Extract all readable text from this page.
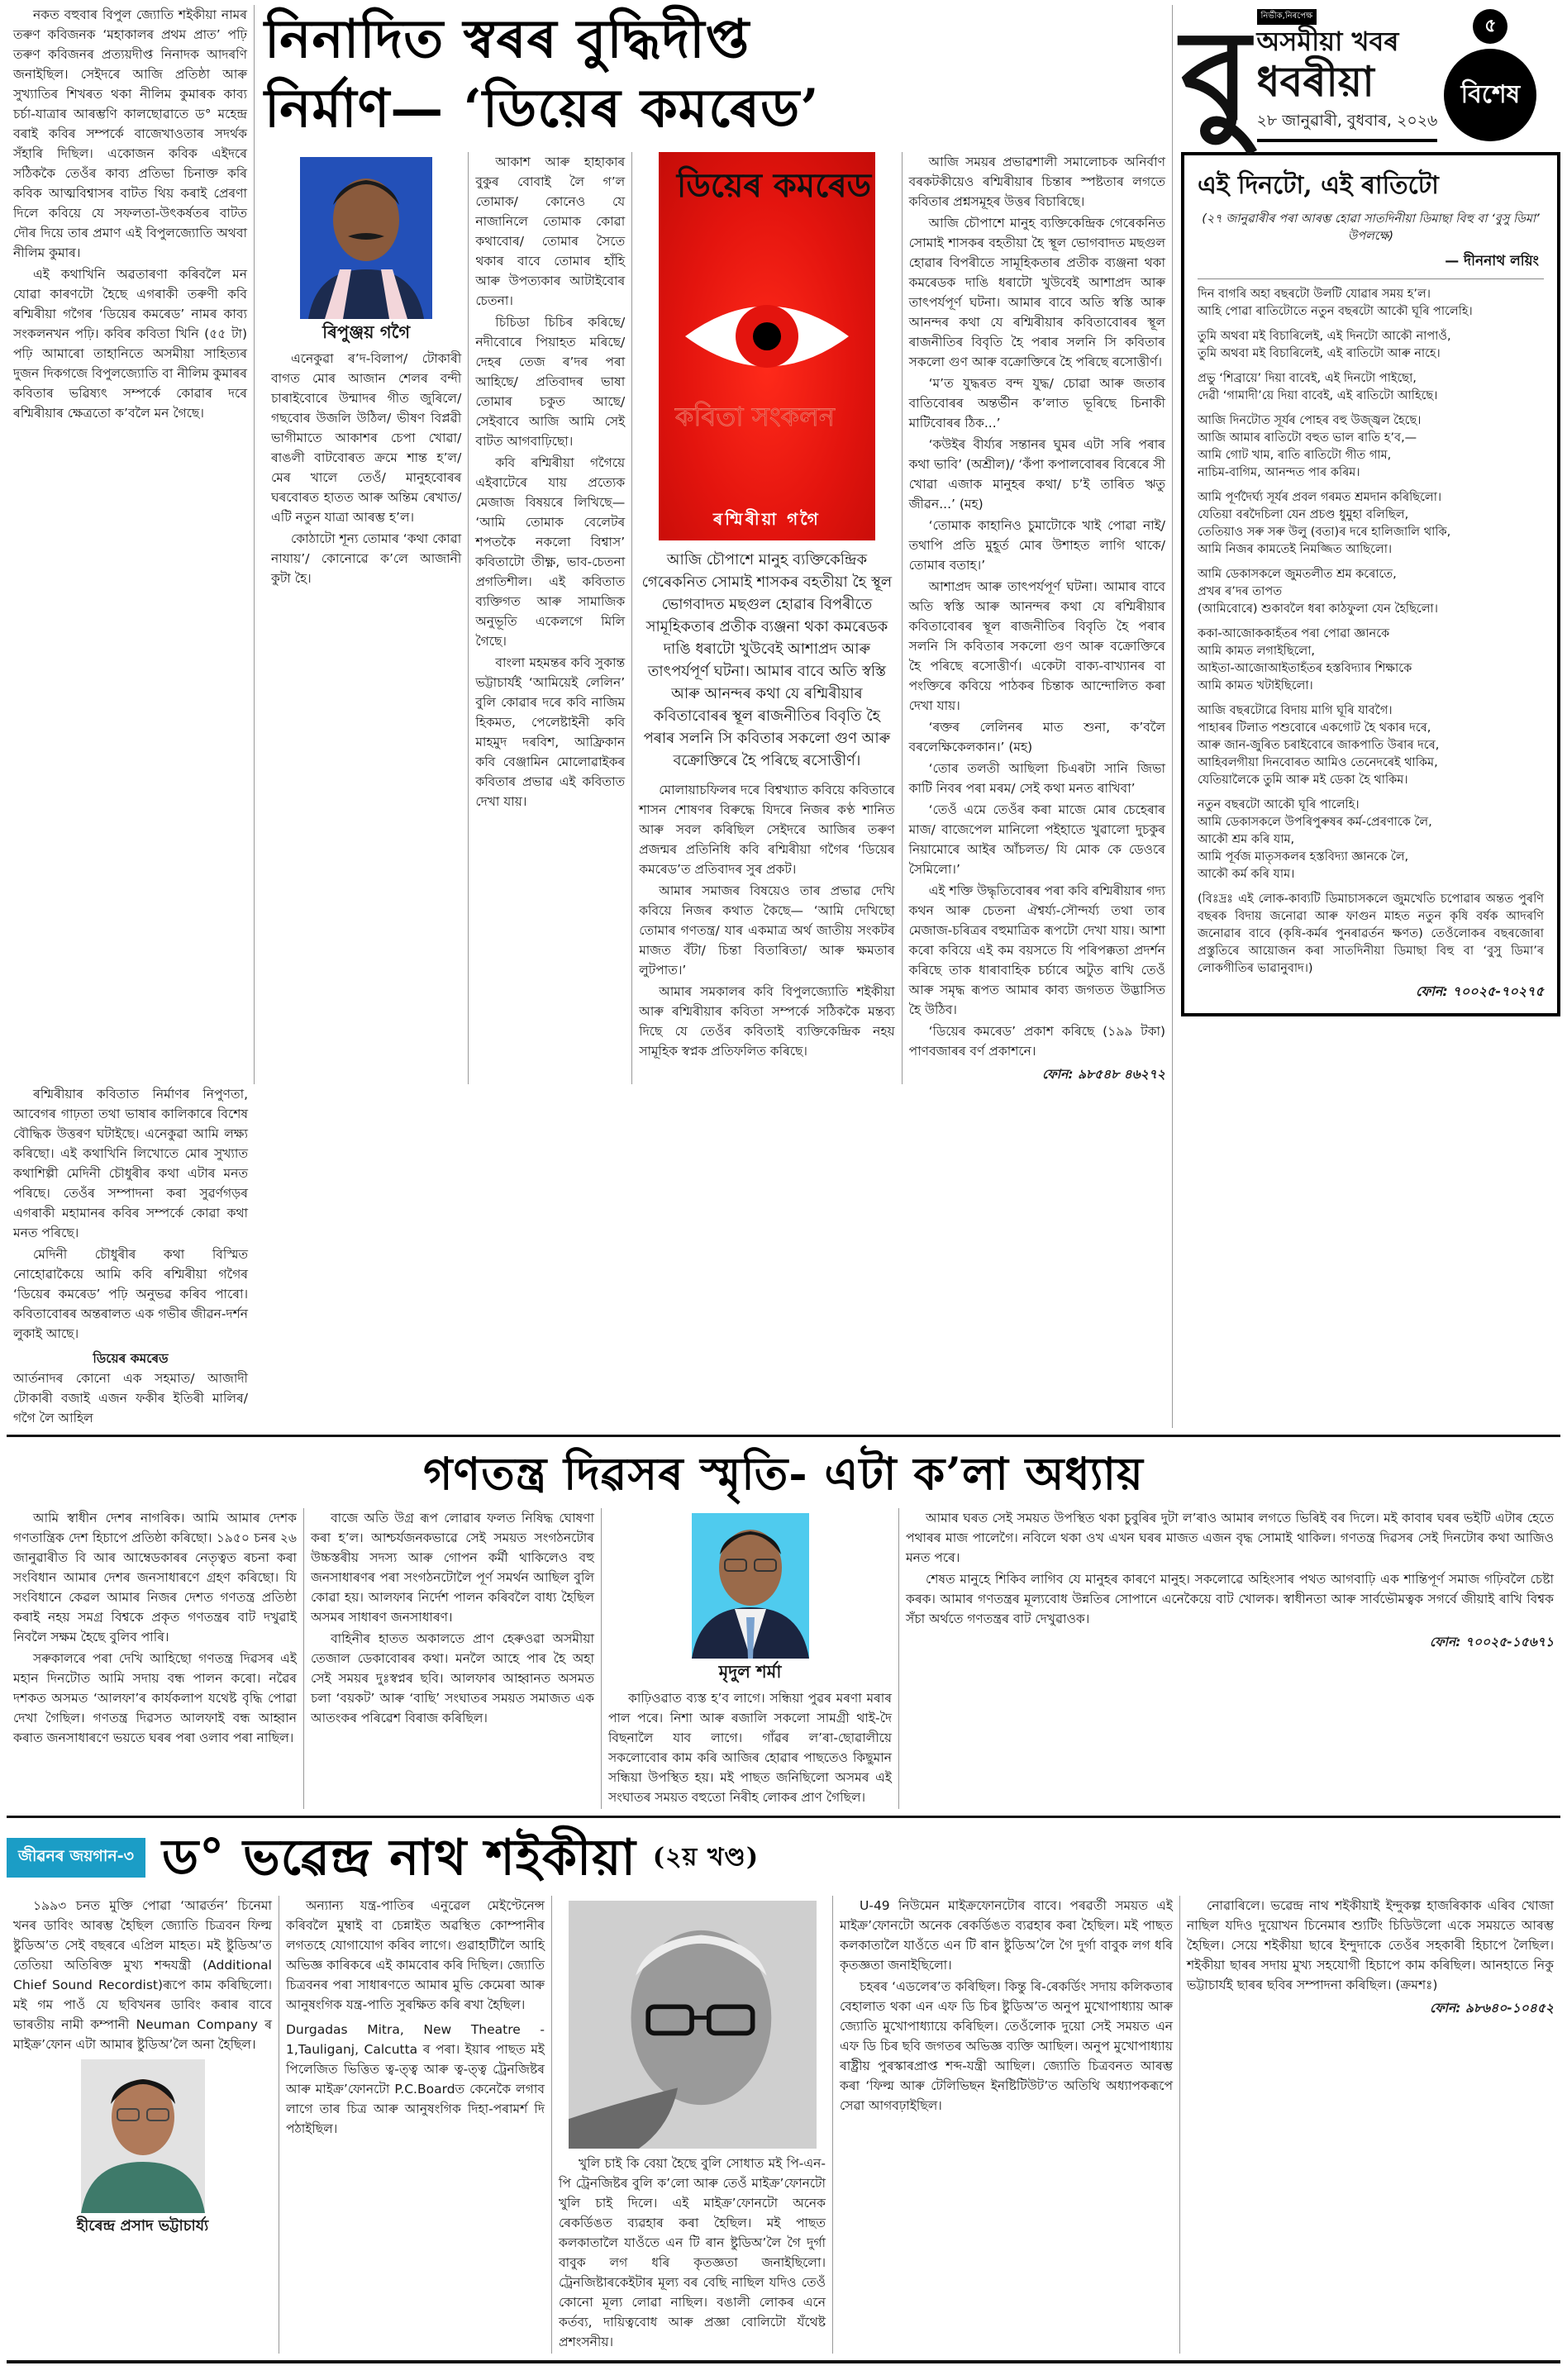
নকত বহুবাৰ বিপুল জ্যোতি শইকীয়া নামৰ তৰুণ কবিজনক ‘মহাকালৰ প্ৰথম প্ৰাত’ পঢ়ি তৰুণ কবিজনৰ প্ৰত্যয়দীপ্ত নিনাদক আদৰণি জনাইছিল। সেইদৰে আজি প্ৰতিষ্ঠা আৰু সুখ্যাতিৰ শিখৰত থকা নীলিম কুমাৰক কাব্য চৰ্চা-যাত্ৰাৰ আৰম্ভণি কালছোৱাতে ড° মহেন্দ্ৰ বৰাই কবিৰ সম্পৰ্কে বাজেখাওতাৰ সদৰ্থক সঁহাৰি দিছিল। একোজন কবিক এইদৰে সঠিককৈ তেওঁৰ কাব্য প্ৰতিভা চিনাক্ত কৰি কবিক আত্মবিশ্বাসৰ বাটত থিয় কৰাই প্ৰেৰণা দিলে কবিয়ে যে সফলতা-উৎকৰ্ষতৰ বাটত দৌৰ দিয়ে তাৰ প্ৰমাণ এই বিপুলজ্যোতি অথবা নীলিম কুমাৰ।

এই কথাখিনি অৱতাৰণা কৰিবলৈ মন যোৱা কাৰণটো হৈছে এগৰাকী তৰুণী কবি ৰশ্মিৰীয়া গগৈৰ ‘ডিয়েৰ কমৰেড’ নামৰ কাব্য সংকলনখন পঢ়ি। কবিৰ কবিতা খিনি (৫৫ টা) পঢ়ি আমাৰো তাহানিতে অসমীয়া সাহিত্যৰ দুজন দিকগজে বিপুলজ্যোতি বা নীলিম কুমাৰৰ কবিতাৰ ভৱিষ্যৎ সম্পৰ্কে কোৱাৰ দৰে ৰশ্মিৰীয়াৰ ক্ষেত্ৰতো ক’বলৈ মন গৈছে।

নিনাদিত স্বৰৰ বুদ্ধিদীপ্ত
নিৰ্মাণ— ‘ডিয়েৰ কমৰেড’
ৰিপুঞ্জয় গগৈ

এনেকুৱা ৰ’দ-বিলাপ/ টোকাৰী বাগত মোৰ আজান শেলৰ বন্দী চাৰাইবোৰে উন্মাদৰ গীত জুৰিলে/ গছবোৰ উজলি উঠিল/ ভীষণ বিপ্লৱী ভাগীমাতে আকাশৰ চেপা খোৱা/ ৰাঙলী বাটবোৰত ক্ৰমে শান্ত হ’ল/ মেৰ খালে তেওঁ/ মানুহবোৰৰ ঘৰবোৰত হাতত আৰু অন্তিম ৰেখাত/ এটি নতুন যাত্ৰা আৰম্ভ হ’ল।

কোঠাটো শূন্য তোমাৰ ‘কথা কোৱা নাযায়’/ কোনোৱে ক’লে আজানী কুটা হৈ।

আকাশ আৰু হাহাকাৰ বুকুৰ বোবাই লৈ গ’ল তোমাক/ কোনেও যে নাজানিলে তোমাক কোৱা কথাবোৰ/ তোমাৰ সৈতে থকাৰ বাবে তোমাৰ হাঁহি আৰু উপত্যকাৰ আটাইবোৰ চেতনা।

চিচিডা চিচিৰ কৰিছে/ নদীবোৰে পিয়াহত মৰিছে/ দেহৰ তেজ ৰ’দৰ পৰা আহিছে/ প্ৰতিবাদৰ ভাষা তোমাৰ চকুত আছে/ সেইবাবে আজি আমি সেই বাটত আগবাঢ়িছো।

কবি ৰশ্মিৰীয়া গগৈয়ে এইবাটেৰে যায় প্ৰত্যেক মেজাজ বিষয়ৰে লিখিছে— ‘আমি তোমাক বেলেটৰ শপতকৈ নকলো বিশ্বাস’ কবিতাটো তীক্ষ্ণ, ভাব-চেতনা প্ৰগতিশীল। এই কবিতাত ব্যক্তিগত আৰু সামাজিক অনুভূতি একেলগে মিলি গৈছে।

বাংলা মহমন্তৰ কবি সুকান্ত ভট্টাচাৰ্যই ‘আমিয়েই লেলিন’ বুলি কোৱাৰ দৰে কবি নাজিম হিকমত, পেলেষ্টাইনী কবি মাহমুদ দৰবিশ, আফ্ৰিকান কবি বেঞ্জামিন মোলোৱাইকৰ কবিতাৰ প্ৰভাৱ এই কবিতাত দেখা যায়।

ডিয়েৰ কমৰেড
কবিতা সংকলন
ৰশ্মিৰীয়া গগৈ
আজি চৌপাশে মানুহ ব্যক্তিকেন্দ্ৰিক গেৰেকনিত সোমাই শাসকৰ বহতীয়া হৈ স্থূল ভোগবাদত মছগুল হোৱাৰ বিপৰীতে সামূহিকতাৰ প্ৰতীক ব্যঞ্জনা থকা কমৰেডক দাঙি ধৰাটো খুউবেই আশাপ্ৰদ আৰু তাৎপৰ্যপূৰ্ণ ঘটনা। আমাৰ বাবে অতি স্বস্তি আৰু আনন্দৰ কথা যে ৰশ্মিৰীয়াৰ কবিতাবোৰৰ স্থূল ৰাজনীতিৰ বিবৃতি হৈ পৰাৰ সলনি সি কবিতাৰ সকলো গুণ আৰু বক্ৰোক্তিৰে হৈ পৰিছে ৰসোত্তীৰ্ণ।

মোলায়াচফিলৰ দৰে বিশ্বখ্যাত কবিয়ে কবিতাৰে শাসন শোষণৰ বিৰুদ্ধে যিদৰে নিজৰ কণ্ঠ শানিত আৰু সবল কৰিছিল সেইদৰে আজিৰ তৰুণ প্ৰজন্মৰ প্ৰতিনিধি কবি ৰশ্মিৰীয়া গগৈৰ ‘ডিয়েৰ কমৰেড’ত প্ৰতিবাদৰ সুৰ প্ৰকট।

আমাৰ সমাজৰ বিষয়েও তাৰ প্ৰভাৱ দেখি কবিয়ে নিজৰ কথাত কৈছে— ‘আমি দেখিছো তোমাৰ গণতন্ত্ৰ/ যাৰ একমাত্ৰ অৰ্থ জাতীয় সংকটৰ মাজত বঁটা/ চিন্তা বিতাৰিতা/ আৰু ক্ষমতাৰ লুটপাত।’

আমাৰ সমকালৰ কবি বিপুলজ্যোতি শইকীয়া আৰু ৰশ্মিৰীয়াৰ কবিতা সম্পৰ্কে সঠিককৈ মন্তব্য দিছে যে তেওঁৰ কবিতাই ব্যক্তিকেন্দ্ৰিক নহয় সামূহিক স্বপ্নক প্ৰতিফলিত কৰিছে।

আজি সময়ৰ প্ৰভাৱশালী সমালোচক অনিৰ্বাণ বৰকটকীয়েও ৰশ্মিৰীয়াৰ চিন্তাৰ স্পষ্টতাৰ লগতে কবিতাৰ প্ৰশ্নসমূহৰ উত্তৰ বিচাৰিছে।

আজি চৌপাশে মানুহ ব্যক্তিকেন্দ্ৰিক গেৰেকনিত সোমাই শাসকৰ বহতীয়া হৈ স্থূল ভোগবাদত মছগুল হোৱাৰ বিপৰীতে সামূহিকতাৰ প্ৰতীক ব্যঞ্জনা থকা কমৰেডক দাঙি ধৰাটো খুউবেই আশাপ্ৰদ আৰু তাৎপৰ্যপূৰ্ণ ঘটনা। আমাৰ বাবে অতি স্বস্তি আৰু আনন্দৰ কথা যে ৰশ্মিৰীয়াৰ কবিতাবোৰৰ স্থূল ৰাজনীতিৰ বিবৃতি হৈ পৰাৰ সলনি সি কবিতাৰ সকলো গুণ আৰু বক্ৰোক্তিৰে হৈ পৰিছে ৰসোত্তীৰ্ণ।

‘ম’ত যুদ্ধৰত বন্দ যুদ্ধ/ চোৱা আৰু জতাৰ বাতিবোৰৰ অন্তৰ্ভীন ক’লাত ভূৰিছে চিনাকী মাটিবোৰৰ ঠিক...’

‘কউইৰ বীৰ্য্যৰ সন্তানৰ ঘুমৰ এটা সৰি পৰাৰ কথা ভাবি’ (অশ্ৰীল)/ ‘কঁপা কপালবোৰৰ বিৰেৰে সী খোৱা এজাক মানুহৰ কথা/ চ’ই তাৰিত ঋতু জীৱন...’ (মহ)

‘তোমাক কাহানিও চুমাটোকে খাই পোৱা নাই/ তথাপি প্ৰতি মুহূৰ্ত মোৰ উশাহত লাগি থাকে/ তোমাৰ বতাহ।’

আশাপ্ৰদ আৰু তাৎপৰ্যপূৰ্ণ ঘটনা। আমাৰ বাবে অতি স্বস্তি আৰু আনন্দৰ কথা যে ৰশ্মিৰীয়াৰ কবিতাবোৰৰ স্থূল ৰাজনীতিৰ বিবৃতি হৈ পৰাৰ সলনি সি কবিতাৰ সকলো গুণ আৰু বক্ৰোক্তিৰে হৈ পৰিছে ৰসোত্তীৰ্ণ। একেটা বাক্য-বাখ্যানৰ বা পংক্তিৰে কবিয়ে পাঠকৰ চিন্তাক আন্দোলিত কৰা দেখা যায়।

‘ৰক্তৰ লেলিনৰ মাত শুনা, ক’বলৈ বৰলেক্ষিকেলকান।’ (মহ)

‘তোৰ তলতী আছিলা চিএৰটা সানি জিভা কাটি নিবৰ পৰা মৰম/ সেই কথা মনত ৰাখিবা’

‘তেওঁ এমে তেওঁৰ কৰা মাজে মোৰ চেহেৰাৰ মাজ/ বাজেপেল মানিলো পইহাতে খুৱালো দুচকুৰ নিয়ামোৰে আইৰ আঁচলত/ যি মোক কে ডেওৰে সৈমিলো।’

এই শক্তি উদ্ধৃতিবোৰৰ পৰা কবি ৰশ্মিৰীয়াৰ গদ্য কথন আৰু চেতনা ঐশ্বৰ্য্য-সৌন্দৰ্য্য তথা তাৰ মেজাজ-চৰিত্ৰৰ বহুমাত্ৰিক ৰূপটো দেখা যায়। আশা কৰো কবিয়ে এই কম বয়সতে যি পৰিপক্কতা প্ৰদৰ্শন কৰিছে তাক ধাৰাবাহিক চৰ্চাৰে অটুত ৰাখি তেওঁ আৰু সমৃদ্ধ ৰূপত আমাৰ কাব্য জগতত উদ্ভাসিত হৈ উঠিব।

‘ডিয়েৰ কমৰেড’ প্ৰকাশ কৰিছে (১৯৯ টকা) পাণবজাৰৰ বৰ্ণ প্ৰকাশনে।

ফোন: ৯৮৫৪৮ ৪৬২৭২

ৰশ্মিৰীয়াৰ কবিতাত নিৰ্মাণৰ নিপুণতা, আবেগৰ গাঢ়তা তথা ভাষাৰ কালিকাৰে বিশেষ বৌদ্ধিক উত্তৰণ ঘটাইছে। এনেকুৱা আমি লক্ষ্য কৰিছো। এই কথাখিনি লিখোতে মোৰ সুখ্যাত কথাশিল্পী মেদিনী চৌধুৰীৰ কথা এটাৰ মনত পৰিছে। তেওঁৰ সম্পাদনা কৰা সুৱৰ্ণগড়ৰ এগৰাকী মহামানৰ কবিৰ সম্পৰ্কে কোৱা কথা মনত পৰিছে।

মেদিনী চৌধুৰীৰ কথা বিস্মিত নোহোৱাকৈয়ে আমি কবি ৰশ্মিৰীয়া গগৈৰ ‘ডিয়েৰ কমৰেড’ পঢ়ি অনুভৱ কৰিব পাৰো। কবিতাবোৰৰ অন্তৰালত এক গভীৰ জীৱন-দৰ্শন লুকাই আছে।

ডিয়েৰ কমৰেড
আৰ্তনাদৰ কোনো এক সহমাত/ আজাদী টোকাৰী বজাই এজন ফকীৰ ইতিৰী মালিৰ/ গগৈ লৈ আহিল
বু	নিৰ্ভীক,নিৰপেক্ষ
অসমীয়া খবৰ
ধবৰীয়া
২৮ জানুৱাৰী, বুধবাৰ, ২০২৬
৫
বিশেষ
এই দিনটো, এই ৰাতিটো
(২৭ জানুৱাৰীৰ পৰা আৰম্ভ হোৱা সাতদিনীয়া ডিমাছা বিহু বা ‘বুসু ডিমা’ উপলক্ষে)
— দীননাথ লয়িং
দিন বাগৰি অহা বছৰটো উলটি যোৱাৰ সময় হ’ল।
আহি পোৱা ৰাতিটোতে নতুন বছৰটো আকৌ ঘূৰি পালেহি।
তুমি অথবা মই বিচাৰিলেই, এই দিনটো আকৌ নাপাওঁ,
তুমি অথবা মই বিচাৰিলেই, এই ৰাতিটো আৰু নাহে।
প্ৰভু ‘শিব্ৰায়ে’ দিয়া বাবেই, এই দিনটো পাইছো,
দেৱী ‘গামাদী’য়ে দিয়া বাবেই, এই ৰাতিটো আহিছে।
আজি দিনটোত সূৰ্যৰ পোহৰ বহু উজ্জ্বল হৈছে।
আজি আমাৰ ৰাতিটো বহুত ভাল ৰাতি হ’ব,—
আমি গোট খাম, ৰাতি ৰাতিটো গীত গাম,
নাচিম-বাগিম, আনন্দত পাৰ কৰিম।
আমি পূৰ্ণদৈৰ্ঘ্য সূৰ্যৰ প্ৰবল গৰমত শ্ৰমদান কৰিছিলো।
যেতিয়া বৰদৈচিলা যেন প্ৰচণ্ড ধুমুহা বলিছিল,
তেতিয়াও সৰু সৰু উলু (বতা)ৰ দৰে হালিজালি থাকি,
আমি নিজৰ কামতেই নিমজ্জিত আছিলো।
আমি ডেকাসকলে জুমতলীত শ্ৰম কৰোতে,
প্ৰখৰ ৰ’দৰ তাপত
(আমিবোৰে) শুকাবলৈ ধৰা কাঠফুলা যেন হৈছিলো।
ককা-আজোককাহঁতৰ পৰা পোৱা জ্ঞানকে
আমি কামত লগাইছিলো,
আইতা-আজোআইতাহঁতৰ হস্তবিদ্যাৰ শিক্ষাকে
আমি কামত খটাইছিলো।
আজি বছৰটোৱে বিদায় মাগি ঘূৰি যাবগৈ।
পাহাৰৰ টিলাত পশুবোৰে একগোট হৈ থকাৰ দৰে,
আৰু জান-জুৰিত চৰাইবোৰে জাকপাতি উৰাৰ দৰে,
আহিবলগীয়া দিনবোৰত আমিও তেনেদৰেই থাকিম,
যেতিয়ালৈকে তুমি আৰু মই ডেকা হৈ থাকিম।
নতুন বছৰটো আকৌ ঘূৰি পালেহি।
আমি ডেকাসকলে উপৰিপুৰুষৰ কৰ্ম-প্ৰেৰণাকে লৈ,
আকৌ শ্ৰম কৰি যাম,
আমি পূৰ্বজ মাতৃসকলৰ হস্তবিদ্যা জ্ঞানকে লৈ,
আকৌ কৰ্ম কৰি যাম।
(বিঃদ্ৰঃ এই লোক-কাব্যটি ডিমাচাসকলে জুমখেতি চপোৱাৰ অন্তত পুৰণি বছৰক বিদায় জনোৱা আৰু ফাগুন মাহত নতুন কৃষি বৰ্ষক আদৰণি জনোৱাৰ বাবে (কৃষি-কৰ্মৰ পুনৰাৱৰ্তন ক্ষণত) তেওঁলোকৰ বছৰজোৰা প্ৰস্তুতিৰে আয়োজন কৰা সাতদিনীয়া ডিমাছা বিহু বা ‘বুসু ডিমা’ৰ লোকগীতিৰ ভাৱানুবাদ।)
ফোন: ৭০০২৫-৭০২৭৫
গণতন্ত্ৰ দিৱসৰ স্মৃতি- এটা ক’লা অধ্যায়

আমি স্বাধীন দেশৰ নাগৰিক। আমি আমাৰ দেশক গণতান্ত্ৰিক দেশ হিচাপে প্ৰতিষ্ঠা কৰিছো। ১৯৫০ চনৰ ২৬ জানুৱাৰীত বি আৰ আম্বেডকাৰৰ নেতৃত্বত ৰচনা কৰা সংবিধান আমাৰ দেশৰ জনসাধাৰণে গ্ৰহণ কৰিছো। যি সংবিধানে কেৱল আমাৰ নিজৰ দেশত গণতন্ত্ৰ প্ৰতিষ্ঠা কৰাই নহয় সমগ্ৰ বিশ্বকে প্ৰকৃত গণতন্ত্ৰৰ বাট দখুৱাই নিবলৈ সক্ষম হৈছে বুলিব পাৰি।

সৰুকালৰে পৰা দেখি আহিছো গণতন্ত্ৰ দিৱসৰ এই মহান দিনটোত আমি সদায় বন্ধ পালন কৰো। নৱৈৰ দশকত অসমত ‘আলফা’ৰ কাৰ্যকলাপ যথেষ্ট বৃদ্ধি পোৱা দেখা গৈছিল। গণতন্ত্ৰ দিৱসত আলফাই বন্ধ আহ্বান কৰাত জনসাধাৰণে ভয়তে ঘৰৰ পৰা ওলাব পৰা নাছিল।

বাজে অতি উগ্ৰ ৰূপ লোৱাৰ ফলত নিষিদ্ধ ঘোষণা কৰা হ’ল। আশ্চৰ্যজনকভাৱে সেই সময়ত সংগঠনটোৰ উচ্চস্তৰীয় সদস্য আৰু গোপন কৰ্মী থাকিলেও বহু জনসাধাৰণৰ পৰা সংগঠনটোলৈ পূৰ্ণ সমৰ্থন আছিল বুলি কোৱা হয়। আলফাৰ নিৰ্দেশ পালন কৰিবলৈ বাধ্য হৈছিল অসমৰ সাধাৰণ জনসাধাৰণ।

বাহিনীৰ হাতত অকালতে প্ৰাণ হেৰুওৱা অসমীয়া তেজাল ডেকাবোৰৰ কথা। মনলৈ আহে পাৰ হৈ অহা সেই সময়ৰ দুঃস্বপ্নৰ ছবি। আলফাৰ আহ্বানত অসমত চলা ‘বয়কট’ আৰু ‘বাছি’ সংঘাতৰ সময়ত সমাজত এক আতংকৰ পৰিৱেশ বিৰাজ কৰিছিল।

মৃদুল শৰ্মা

কাঢ়িওৱাত ব্যস্ত হ’ব লাগে। সন্ধিয়া পুৱৰ মৰণা মৰাৰ পাল পৰে। নিশা আৰু ৰজালি সকলো সামগ্ৰী থাই-দৈ বিছনালৈ যাব লাগে। গাঁৱৰ ল’ৰা-ছোৱালীয়ে সকলোবোৰ কাম কৰি আজিৰ হোৱাৰ পাছতেও কিছুমান সন্ধিয়া উপস্থিত হয়। মই পাছত জনিছিলো অসমৰ এই সংঘাতৰ সময়ত বহুতো নিৰীহ লোকৰ প্ৰাণ গৈছিল।

আমাৰ ঘৰত সেই সময়ত উপস্থিত থকা চুবুৰিৰ দুটা ল’ৰাও আমাৰ লগতে ভিৰিই বৰ দিলে। মই কাবাৰ ঘৰৰ ভইটি এটাৰ হেতে পথাৰৰ মাজ পালেগৈ। নবিলে থকা ওখ এখন ঘৰৰ মাজত এজন বৃদ্ধ সোমাই থাকিল। গণতন্ত্ৰ দিৱসৰ সেই দিনটোৰ কথা আজিও মনত পৰে।

শেষত মানুহে শিকিব লাগিব যে মানুহৰ কাৰণে মানুহ। সকলোৱে অহিংসাৰ পথত আগবাঢ়ি এক শান্তিপূৰ্ণ সমাজ গঢ়িবলৈ চেষ্টা কৰক। আমাৰ গণতন্ত্ৰৰ মূল্যবোধ উন্নতিৰ সোপানে এনেকৈয়ে বাট খোলক। স্বাধীনতা আৰু সাৰ্বভৌমত্বক সগৰ্বে জীয়াই ৰাখি বিশ্বক সঁচা অৰ্থতে গণতন্ত্ৰৰ বাট দেখুৱাওক।

ফোন: ৭০০২৫-১৫৬৭১
জীৱনৰ জয়গান-৩ ড° ভৱেন্দ্ৰ নাথ শইকীয়া (২য় খণ্ড)

১৯৯৩ চনত মুক্তি পোৱা ‘আৱৰ্তন’ চিনেমা খনৰ ডাবিং আৰম্ভ হৈছিল জ্যোতি চিত্ৰবন ফিল্ম ষ্টুডিঅ’ত সেই বছৰৰে এপ্ৰিল মাহত। মই ষ্টুডিঅ’ত তেতিয়া অতিৰিক্ত মুখ্য শব্দযন্ত্ৰী (Additional Chief Sound Recordist)ৰূপে কাম কৰিছিলো। মই গম পাওঁ যে ছবিখনৰ ডাবিং কৰাৰ বাবে ভাৰতীয় নামী কম্পানী Neuman Company ৰ মাইক্ৰ’ফোন এটা আমাৰ ষ্টুডিঅ’লৈ অনা হৈছিল।

হীৰেন্দ্ৰ প্ৰসাদ ভট্টাচাৰ্য্য

অন্যান্য যন্ত্ৰ-পাতিৰ এনুৱেল মেইণ্টেনেন্স কৰিবলৈ মুম্বাই বা চেন্নাইত অৱস্থিত কোম্পানীৰ লগতহে যোগাযোগ কৰিব লাগে। গুৱাহাটীলৈ আহি অভিজ্ঞ কাৰিকৰে এই কামবোৰ কৰি দিছিল। জ্যোতি চিত্ৰবনৰ পৰা সাধাৰণতে আমাৰ মুভি কেমেৰা আৰু আনুষংগিক যন্ত্ৰ-পাতি সুৰক্ষিত কৰি ৰখা হৈছিল।

Durgadas Mitra, New Theatre - 1,Tauliganj, Calcutta ৰ পৰা। ইয়াৰ পাছত মই পিলেজিত ভিত্তিত ত্ব-ত্ত্ব আৰু ত্ব-ত্ত্ব ট্ৰেনজিষ্টৰ আৰু মাইক্ৰ’ফোনটো P.C.Boardত কেনেকৈ লগাব লাগে তাৰ চিত্ৰ আৰু আনুষংগিক দিহা-পৰামৰ্শ দি পঠাইছিল।

খুলি চাই কি বেয়া হৈছে বুলি সোধাত মই পি-এন-পি ট্ৰেনজিষ্টৰ বুলি ক’লো আৰু তেওঁ মাইক্ৰ’ফোনটো খুলি চাই দিলে। এই মাইক্ৰ’ফোনটো অনেক ৰেকৰ্ডিঙত ব্যৱহাৰ কৰা হৈছিল। মই পাছত কলকাতালৈ যাওঁতে এন টি ৰান ষ্টুডিঅ’লৈ গৈ দুৰ্গা বাবুক লগ ধৰি কৃতজ্ঞতা জনাইছিলো। ট্ৰেনজিষ্টাৰকেইটাৰ মূল্য বৰ বেছি নাছিল যদিও তেওঁ কোনো মূল্য লোৱা নাছিল। বঙালী লোকৰ এনে কৰ্তব্য, দায়িত্ববোধ আৰু প্ৰজ্ঞা বোলিটো যঁথেষ্ট প্ৰশংসনীয়।

U-49 নিউমেন মাইক্ৰফোনটোৰ বাবে। পৰৱৰ্তী সময়ত এই মাইক্ৰ’ফোনটো অনেক ৰেকৰ্ডিঙত ব্যৱহাৰ কৰা হৈছিল। মই পাছত কলকাতালৈ যাওঁতে এন টি ৰান ষ্টুডিঅ’লৈ গৈ দুৰ্গা বাবুক লগ ধৰি কৃতজ্ঞতা জনাইছিলো।

চহৰৰ ‘এডলেৰ’ত কৰিছিল। কিন্তু ৰি-ৰেকৰ্ডিং সদায় কলিকতাৰ বেহালাত থকা এন এফ ডি চিৰ ষ্টুডিঅ’ত অনুপ মুখোপাধ্যায় আৰু জ্যোতি মুখোপাধ্যায়ে কৰিছিল। তেওঁলোক দুয়ো সেই সময়ত এন এফ ডি চিৰ ছবি জগতৰ অভিজ্ঞ ব্যক্তি আছিল। অনুপ মুখোপাধ্যায় ৰাষ্ট্ৰীয় পুৰস্কাৰপ্ৰাপ্ত শব্দ-যন্ত্ৰী আছিল। জ্যোতি চিত্ৰবনত আৰম্ভ কৰা ‘ফিল্ম আৰু টেলিভিছন ইনষ্টিটিউট’ত অতিথি অধ্যাপকৰূপে সেৱা আগবঢ়াইছিল।

নোৱাৰিলে। ভৱেন্দ্ৰ নাথ শইকীয়াই ইন্দুকল্প হাজৰিকাক এৰিব খোজা নাছিল যদিও দুয়োখন চিনেমাৰ শ্যুটিং চিডিউলো একে সময়তে আৰম্ভ হৈছিল। সেয়ে শইকীয়া ছাৰে ইন্দুদাকে তেওঁৰ সহকাৰী হিচাপে লৈছিল। শইকীয়া ছাৰৰ সদায় মুখ্য সহযোগী হিচাপে কাম কৰিছিল। আনহাতে নিকু ভট্টাচাৰ্যই ছাৰৰ ছবিৰ সম্পাদনা কৰিছিল। (ক্ৰমশঃ)

ফোন: ৯৮৬৪০-১০৪৫২
